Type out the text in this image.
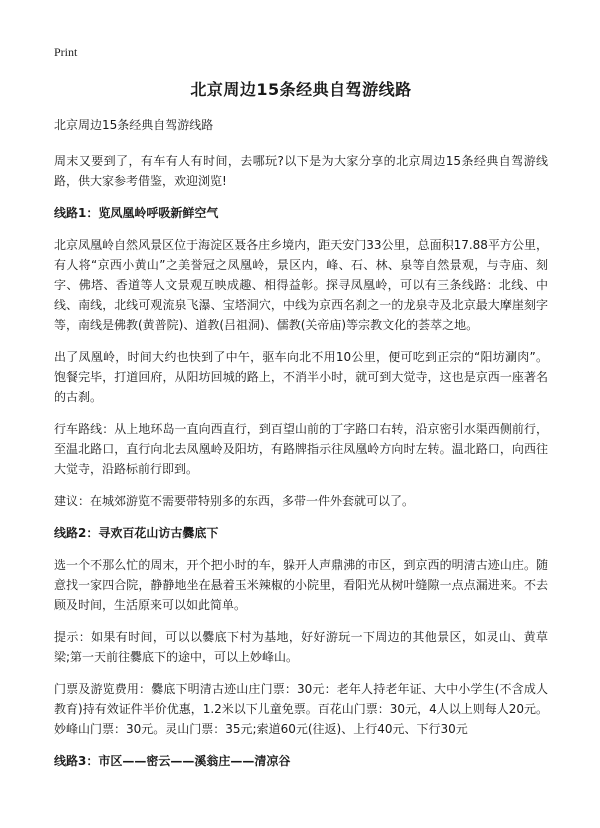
Print
北京周边15条经典自驾游线路
北京周边15条经典自驾游线路

周末又要到了，有车有人有时间，去哪玩?以下是为大家分享的北京周边15条经典自驾游线路，供大家参考借鉴，欢迎浏览!

线路1：览凤凰岭呼吸新鲜空气

北京凤凰岭自然风景区位于海淀区聂各庄乡境内，距天安门33公里，总面积17.88平方公里，有人将“京西小黄山”之美誉冠之凤凰岭，景区内，峰、石、林、泉等自然景观，与寺庙、刻字、佛塔、香道等人文景观互映成趣、相得益彰。探寻凤凰岭，可以有三条线路：北线、中线、南线，北线可观流泉飞瀑、宝塔洞穴，中线为京西名刹之一的龙泉寺及北京最大摩崖刻字等，南线是佛教(黄普院)、道教(吕祖洞)、儒教(关帝庙)等宗教文化的荟萃之地。

出了凤凰岭，时间大约也快到了中午，驱车向北不用10公里，便可吃到正宗的“阳坊涮肉”。饱餐完毕，打道回府，从阳坊回城的路上，不消半小时，就可到大觉寺，这也是京西一座著名的古刹。

行车路线：从上地环岛一直向西直行，到百望山前的丁字路口右转，沿京密引水渠西侧前行，至温北路口，直行向北去凤凰岭及阳坊，有路牌指示往凤凰岭方向时左转。温北路口，向西往大觉寺，沿路标前行即到。

建议：在城郊游览不需要带特别多的东西，多带一件外套就可以了。

线路2：寻欢百花山访古爨底下

选一个不那么忙的周末，开个把小时的车，躲开人声鼎沸的市区，到京西的明清古迹山庄。随意找一家四合院，静静地坐在悬着玉米辣椒的小院里，看阳光从树叶缝隙一点点漏进来。不去顾及时间，生活原来可以如此简单。

提示：如果有时间，可以以爨底下村为基地，好好游玩一下周边的其他景区，如灵山、黄草梁;第一天前往爨底下的途中，可以上妙峰山。

门票及游览费用：爨底下明清古迹山庄门票：30元：老年人持老年证、大中小学生(不含成人教育)持有效证件半价优惠，1.2米以下儿童免票。百花山门票：30元，4人以上则每人20元。妙峰山门票：30元。灵山门票：35元;索道60元(往返)、上行40元、下行30元

线路3：市区——密云——溪翁庄——清凉谷
